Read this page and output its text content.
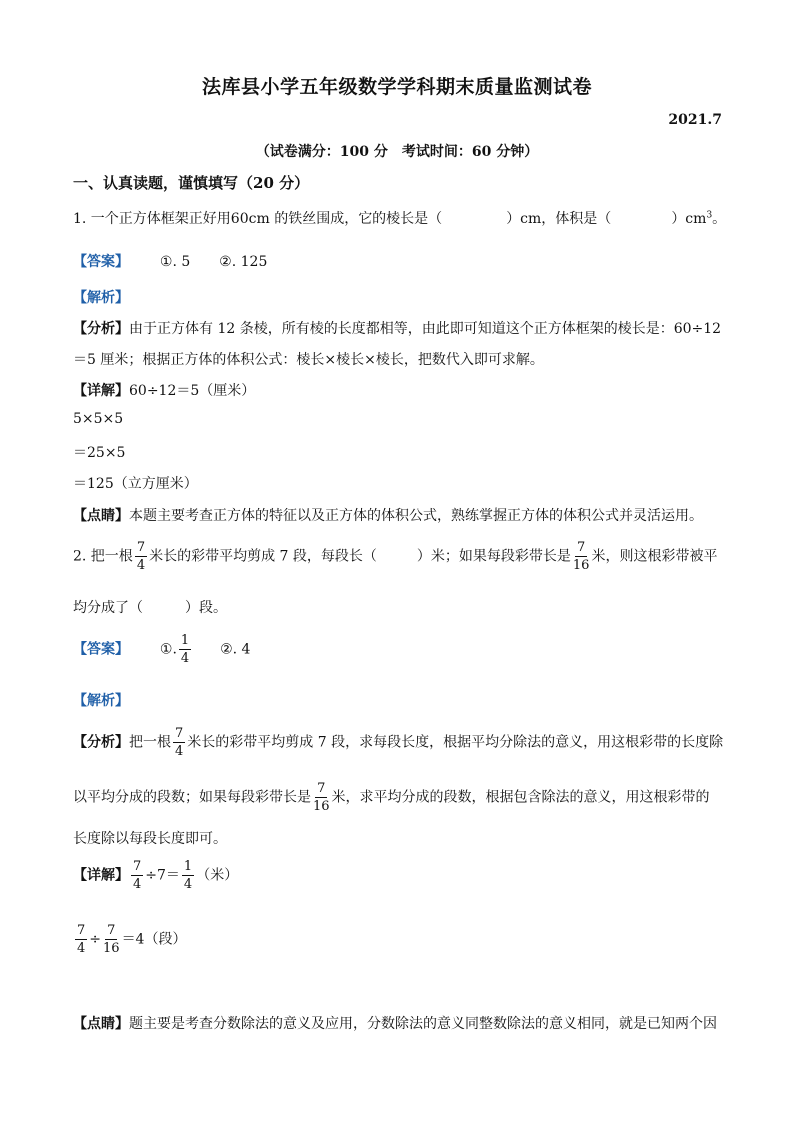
法库县小学五年级数学学科期末质量监测试卷
2021.7
（试卷满分：100 分　考试时间：60 分钟）
一、认真读题，谨慎填写（20 分）
1. 一个正方体框架正好用60cm 的铁丝围成，它的棱长是（	）cm，体积是（	）$cm^3$。
【答案】 ①. 5 ②. 125
【解析】
【分析】由于正方体有 12 条棱，所有棱的长度都相等，由此即可知道这个正方体框架的棱长是：60÷12
＝5 厘米；根据正方体的体积公式：棱长×棱长×棱长，把数代入即可求解。
【详解】60÷12＝5（厘米）
5×5×5
＝25×5
＝125（立方厘米）
【点睛】本题主要考查正方体的特征以及正方体的体积公式，熟练掌握正方体的体积公式并灵活运用。
2. 把一根 $\frac{7}{4}$ 米长的彩带平均剪成 7 段，每段长（	）米；如果每段彩带长是 $\frac{7}{16}$ 米，则这根彩带被平
均分成了（　　　）段。
【答案】 ①. $\frac{1}{4}$ ②. 4
【解析】
【分析】把一根 $\frac{7}{4}$ 米长的彩带平均剪成 7 段，求每段长度，根据平均分除法的意义，用这根彩带的长度除
以平均分成的段数；如果每段彩带长是 $\frac{7}{16}$ 米，求平均分成的段数，根据包含除法的意义，用这根彩带的
长度除以每段长度即可。
【详解】 $\frac{7}{4} \div 7= \frac{1}{4}$ （米）
$\frac{7}{4} \div \frac{7}{16} =4$（段）
【点睛】题主要是考查分数除法的意义及应用，分数除法的意义同整数除法的意义相同，就是已知两个因
